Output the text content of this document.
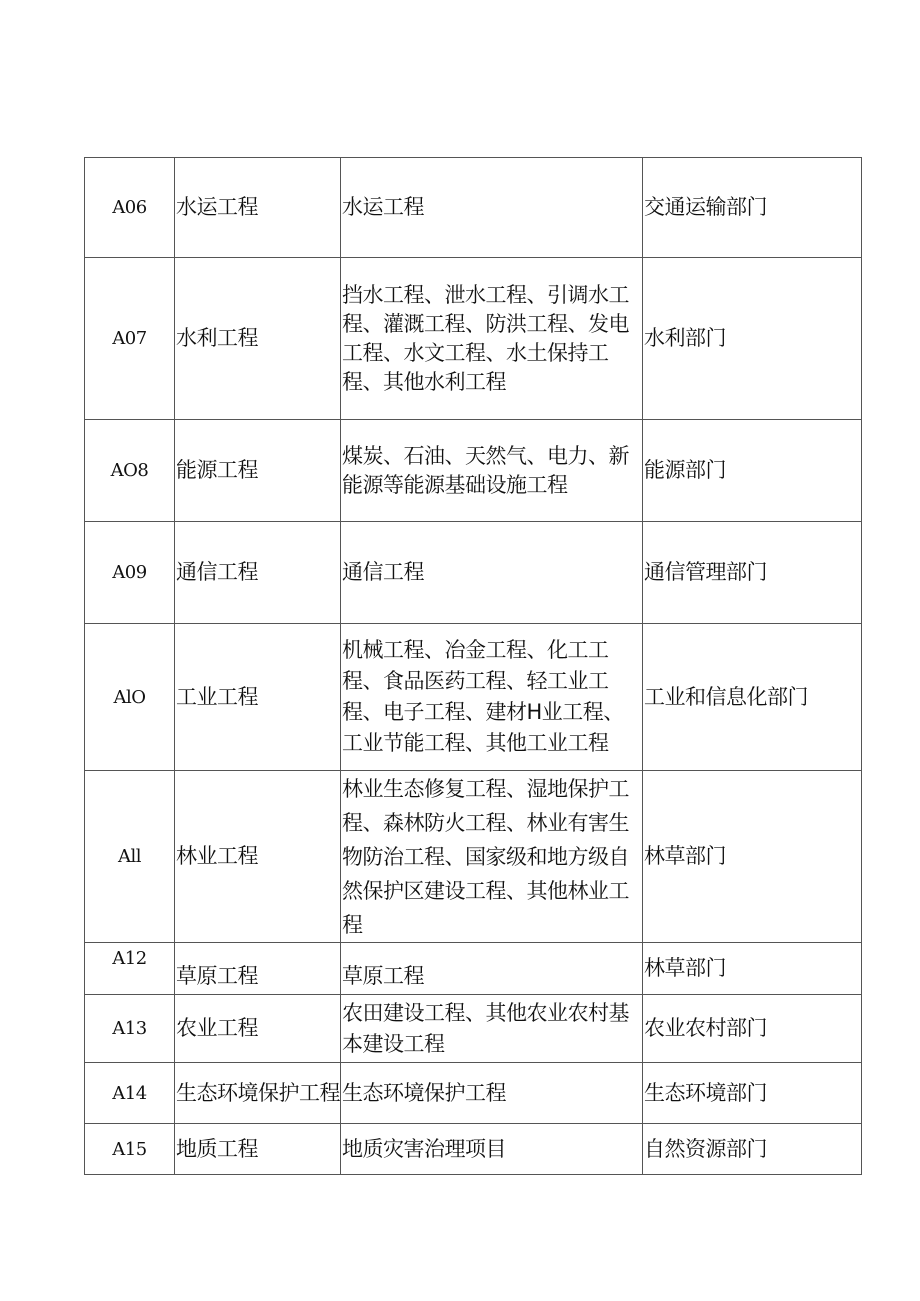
A06	水运工程	水运工程	交通运输部门
A07	水利工程	挡水工程、泄水工程、引调水工程、灌溉工程、防洪工程、发电工程、水文工程、水土保持工程、其他水利工程	水利部门
AO8	能源工程	煤炭、石油、天然气、电力、新能源等能源基础设施工程	能源部门
A09	通信工程	通信工程	通信管理部门
AlO	工业工程	机械工程、冶金工程、化工工程、食品医药工程、轻工业工程、电子工程、建材H业工程、工业节能工程、其他工业工程	工业和信息化部门
All	林业工程	林业生态修复工程、湿地保护工程、森林防火工程、林业有害生物防治工程、国家级和地方级自然保护区建设工程、其他林业工程	林草部门
A12	草原工程	草原工程	林草部门
A13	农业工程	农田建设工程、其他农业农村基本建设工程	农业农村部门
A14	生态环境保护工程	生态环境保护工程	生态环境部门
A15	地质工程	地质灾害治理项目	自然资源部门
